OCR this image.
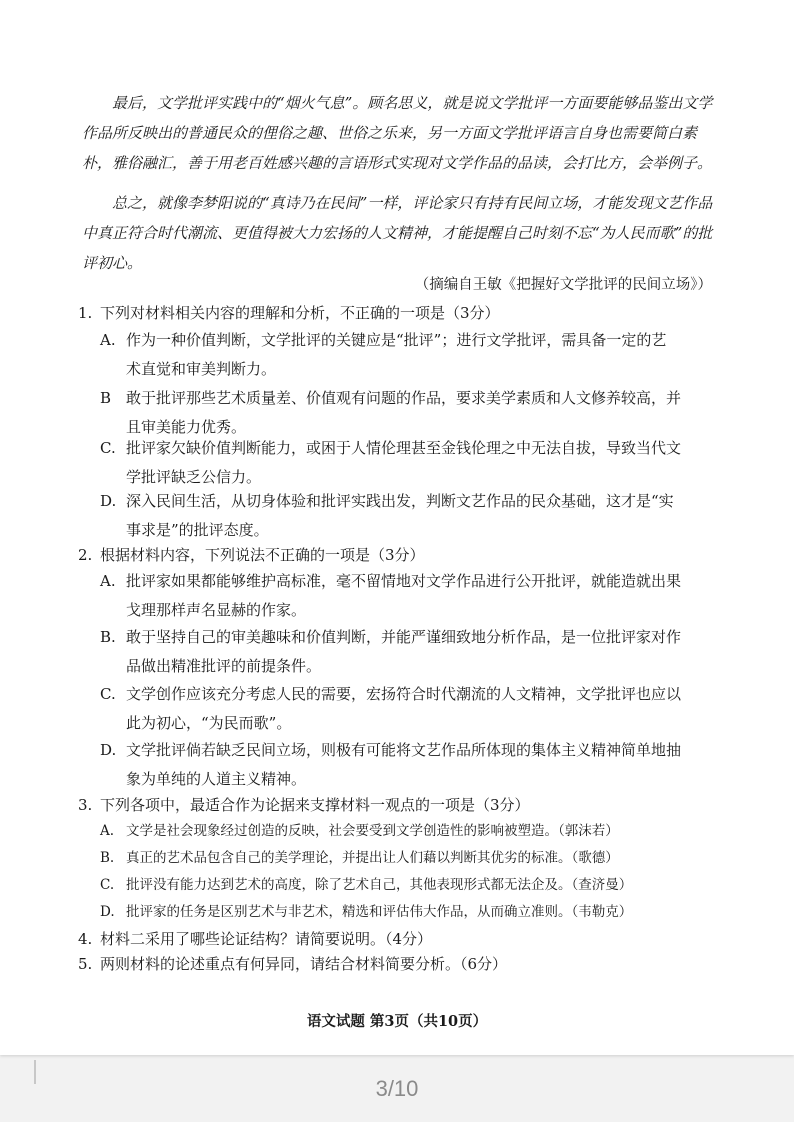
最后，文学批评实践中的“烟火气息”。顾名思义，就是说文学批评一方面要能够品鉴出文学作品所反映出的普通民众的俚俗之趣、世俗之乐来，另一方面文学批评语言自身也需要简白素朴，雅俗融汇，善于用老百姓感兴趣的言语形式实现对文学作品的品读，会打比方，会举例子。

总之，就像李梦阳说的“真诗乃在民间”一样，评论家只有持有民间立场，才能发现文艺作品中真正符合时代潮流、更值得被大力宏扬的人文精神，才能提醒自己时刻不忘“为人民而歌”的批评初心。

（摘编自王敏《把握好文学批评的民间立场》）
1. 下列对材料相关内容的理解和分析，不正确的一项是（3分）
A. 作为一种价值判断，文学批评的关键应是“批评”；进行文学批评，需具备一定的艺
术直觉和审美判断力。
B 敢于批评那些艺术质量差、价值观有问题的作品，要求美学素质和人文修养较高，并
且审美能力优秀。
C. 批评家欠缺价值判断能力，或困于人情伦理甚至金钱伦理之中无法自拔，导致当代文
学批评缺乏公信力。
D. 深入民间生活，从切身体验和批评实践出发，判断文艺作品的民众基础，这才是“实
事求是”的批评态度。
2. 根据材料内容，下列说法不正确的一项是（3分）
A. 批评家如果都能够维护高标准，毫不留情地对文学作品进行公开批评，就能造就出果
戈理那样声名显赫的作家。
B. 敢于坚持自己的审美趣味和价值判断，并能严谨细致地分析作品，是一位批评家对作
品做出精准批评的前提条件。
C. 文学创作应该充分考虑人民的需要，宏扬符合时代潮流的人文精神，文学批评也应以
此为初心，“为民而歌”。
D. 文学批评倘若缺乏民间立场，则极有可能将文艺作品所体现的集体主义精神简单地抽
象为单纯的人道主义精神。
3. 下列各项中，最适合作为论据来支撑材料一观点的一项是（3分）
A. 文学是社会现象经过创造的反映，社会要受到文学创造性的影响被塑造。（郭沫若）
B. 真正的艺术品包含自己的美学理论，并提出让人们藉以判断其优劣的标准。（歌德）
C. 批评没有能力达到艺术的高度，除了艺术自己，其他表现形式都无法企及。（查济曼）
D. 批评家的任务是区别艺术与非艺术，精选和评估伟大作品，从而确立准则。（韦勒克）
4. 材料二采用了哪些论证结构？请简要说明。（4分）
5. 两则材料的论述重点有何异同，请结合材料简要分析。（6分）
语文试题 第3页（共10页）
3/10
